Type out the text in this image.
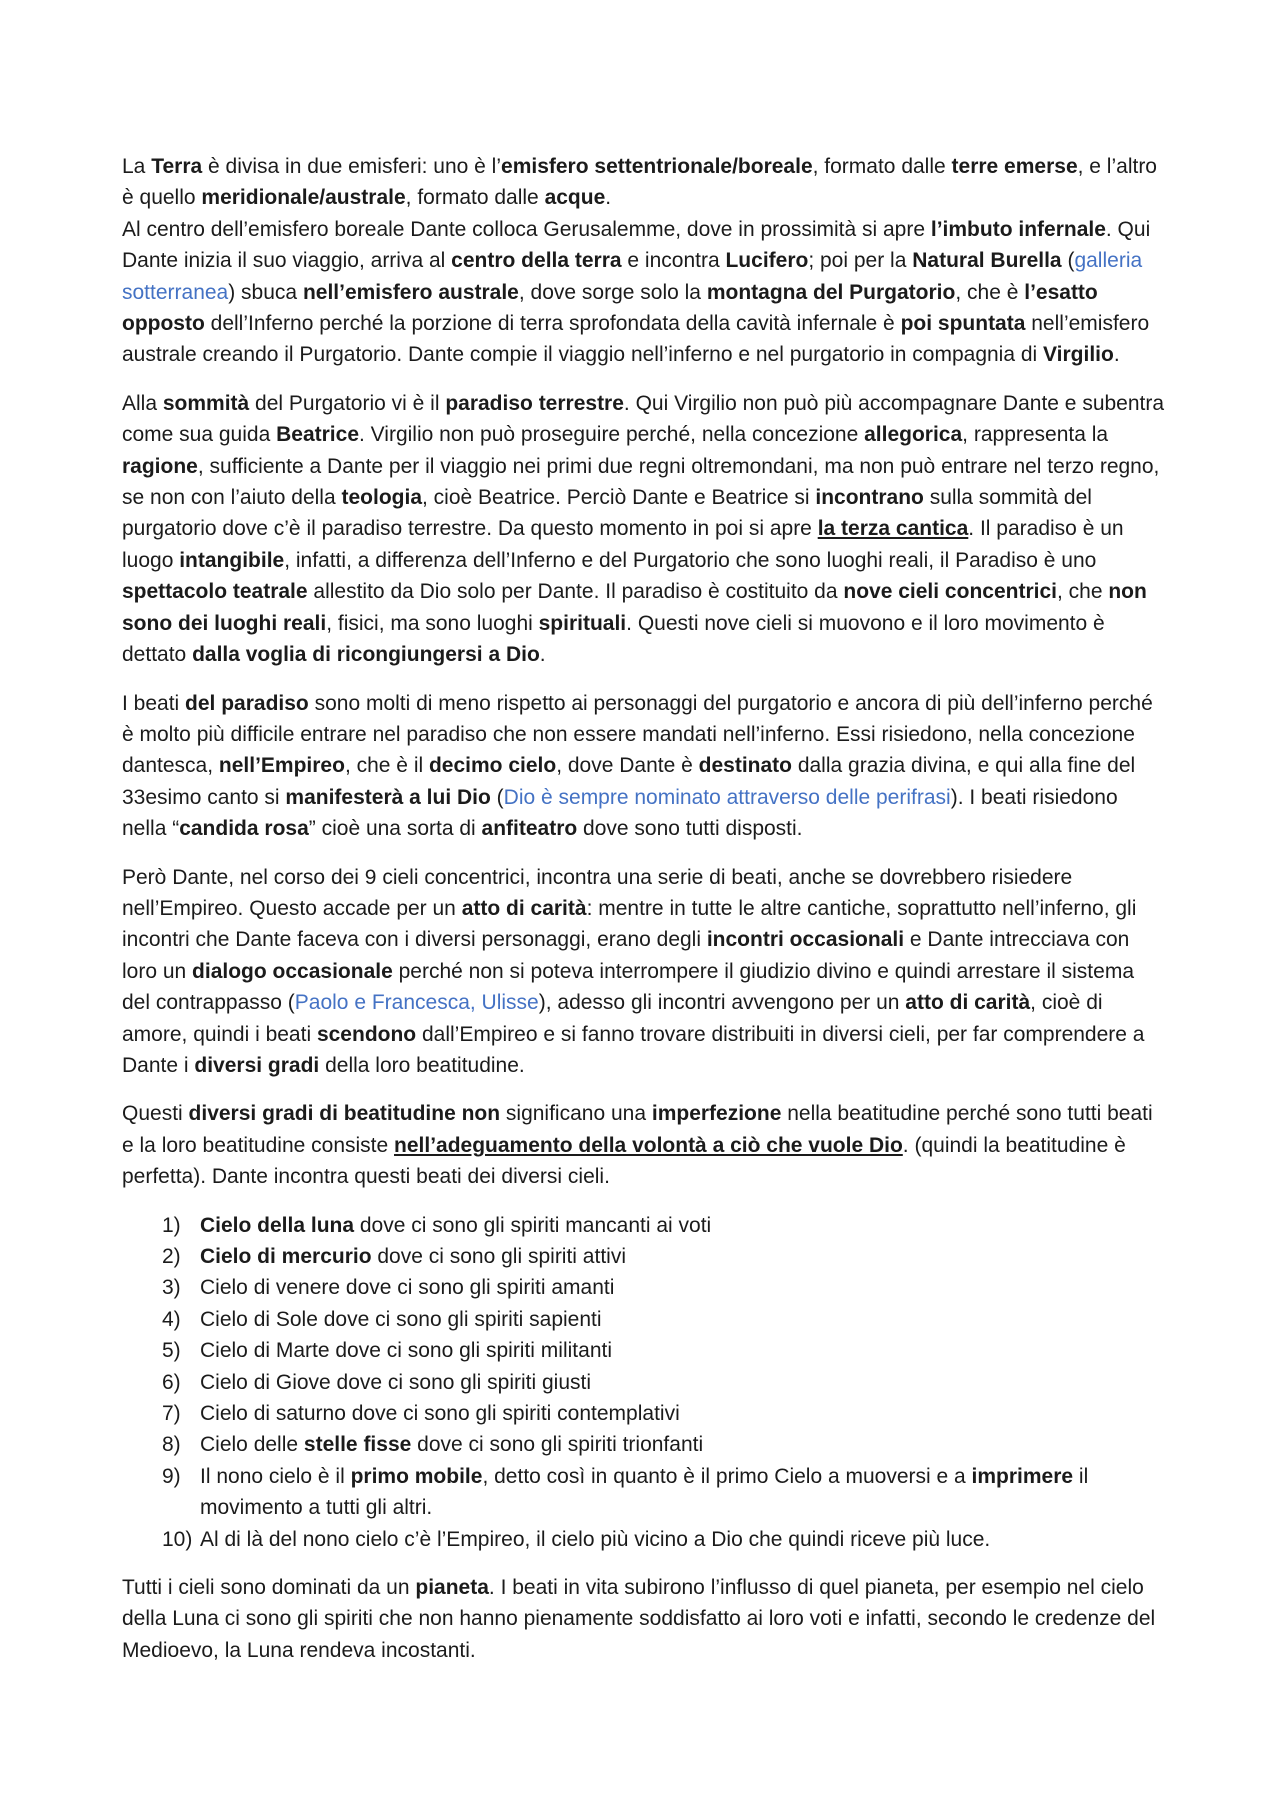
La Terra è divisa in due emisferi: uno è l’emisfero settentrionale/boreale, formato dalle terre emerse, e l’altro è quello meridionale/australe, formato dalle acque.

Al centro dell’emisfero boreale Dante colloca Gerusalemme, dove in prossimità si apre l’imbuto infernale. Qui Dante inizia il suo viaggio, arriva al centro della terra e incontra Lucifero; poi per la Natural Burella (galleria sotterranea) sbuca nell’emisfero australe, dove sorge solo la montagna del Purgatorio, che è l’esatto opposto dell’Inferno perché la porzione di terra sprofondata della cavità infernale è poi spuntata nell’emisfero australe creando il Purgatorio. Dante compie il viaggio nell’inferno e nel purgatorio in compagnia di Virgilio.

Alla sommità del Purgatorio vi è il paradiso terrestre. Qui Virgilio non può più accompagnare Dante e subentra come sua guida Beatrice. Virgilio non può proseguire perché, nella concezione allegorica, rappresenta la ragione, sufficiente a Dante per il viaggio nei primi due regni oltremondani, ma non può entrare nel terzo regno, se non con l’aiuto della teologia, cioè Beatrice. Perciò Dante e Beatrice si incontrano sulla sommità del purgatorio dove c’è il paradiso terrestre. Da questo momento in poi si apre la terza cantica. Il paradiso è un luogo intangibile, infatti, a differenza dell’Inferno e del Purgatorio che sono luoghi reali, il Paradiso è uno spettacolo teatrale allestito da Dio solo per Dante. Il paradiso è costituito da nove cieli concentrici, che non sono dei luoghi reali, fisici, ma sono luoghi spirituali. Questi nove cieli si muovono e il loro movimento è dettato dalla voglia di ricongiungersi a Dio.

I beati del paradiso sono molti di meno rispetto ai personaggi del purgatorio e ancora di più dell’inferno perché è molto più difficile entrare nel paradiso che non essere mandati nell’inferno. Essi risiedono, nella concezione dantesca, nell’Empireo, che è il decimo cielo, dove Dante è destinato dalla grazia divina, e qui alla fine del 33esimo canto si manifesterà a lui Dio (Dio è sempre nominato attraverso delle perifrasi). I beati risiedono nella “candida rosa” cioè una sorta di anfiteatro dove sono tutti disposti.

Però Dante, nel corso dei 9 cieli concentrici, incontra una serie di beati, anche se dovrebbero risiedere nell’Empireo. Questo accade per un atto di carità: mentre in tutte le altre cantiche, soprattutto nell’inferno, gli incontri che Dante faceva con i diversi personaggi, erano degli incontri occasionali e Dante intrecciava con loro un dialogo occasionale perché non si poteva interrompere il giudizio divino e quindi arrestare il sistema del contrappasso (Paolo e Francesca, Ulisse), adesso gli incontri avvengono per un atto di carità, cioè di amore, quindi i beati scendono dall’Empireo e si fanno trovare distribuiti in diversi cieli, per far comprendere a Dante i diversi gradi della loro beatitudine.

Questi diversi gradi di beatitudine non significano una imperfezione nella beatitudine perché sono tutti beati e la loro beatitudine consiste nell’adeguamento della volontà a ciò che vuole Dio. (quindi la beatitudine è perfetta). Dante incontra questi beati dei diversi cieli.

1) Cielo della luna dove ci sono gli spiriti mancanti ai voti
2) Cielo di mercurio dove ci sono gli spiriti attivi
3) Cielo di venere dove ci sono gli spiriti amanti
4) Cielo di Sole dove ci sono gli spiriti sapienti
5) Cielo di Marte dove ci sono gli spiriti militanti
6) Cielo di Giove dove ci sono gli spiriti giusti
7) Cielo di saturno dove ci sono gli spiriti contemplativi
8) Cielo delle stelle fisse dove ci sono gli spiriti trionfanti
9) Il nono cielo è il primo mobile, detto così in quanto è il primo Cielo a muoversi e a imprimere il movimento a tutti gli altri.
10) Al di là del nono cielo c’è l’Empireo, il cielo più vicino a Dio che quindi riceve più luce.

Tutti i cieli sono dominati da un pianeta. I beati in vita subirono l’influsso di quel pianeta, per esempio nel cielo della Luna ci sono gli spiriti che non hanno pienamente soddisfatto ai loro voti e infatti, secondo le credenze del Medioevo, la Luna rendeva incostanti.
